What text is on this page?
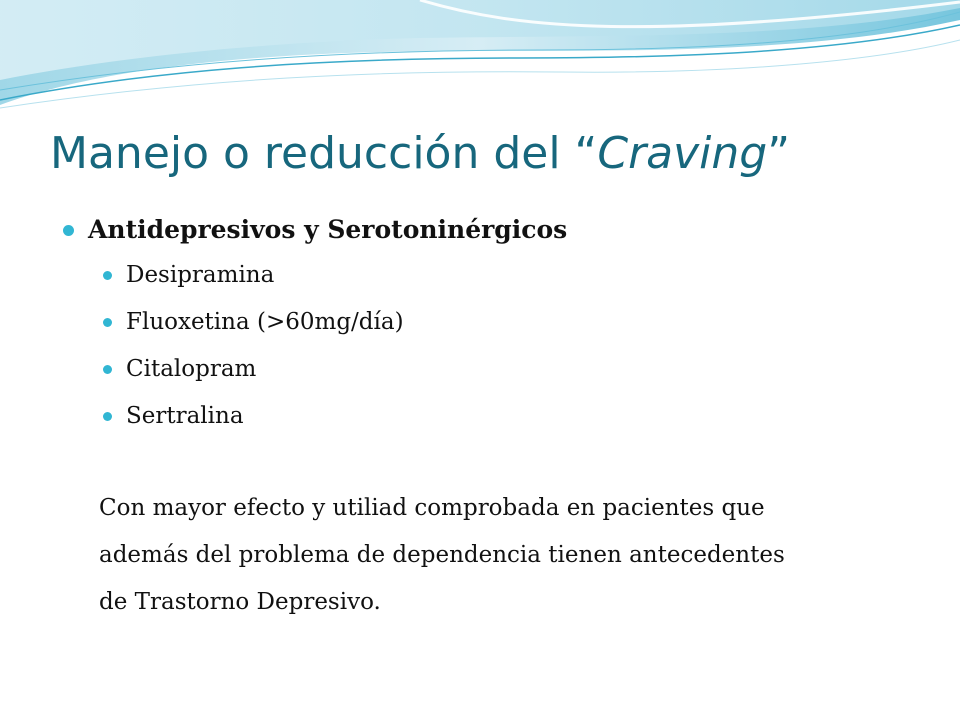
Manejo o reducción del “Craving”
Antidepresivos y Serotoninérgicos
Desipramina
Fluoxetina (>60mg/día)
Citalopram
Sertralina
Con mayor efecto y utiliad comprobada en pacientes que
además del problema de dependencia tienen antecedentes
de Trastorno Depresivo.
